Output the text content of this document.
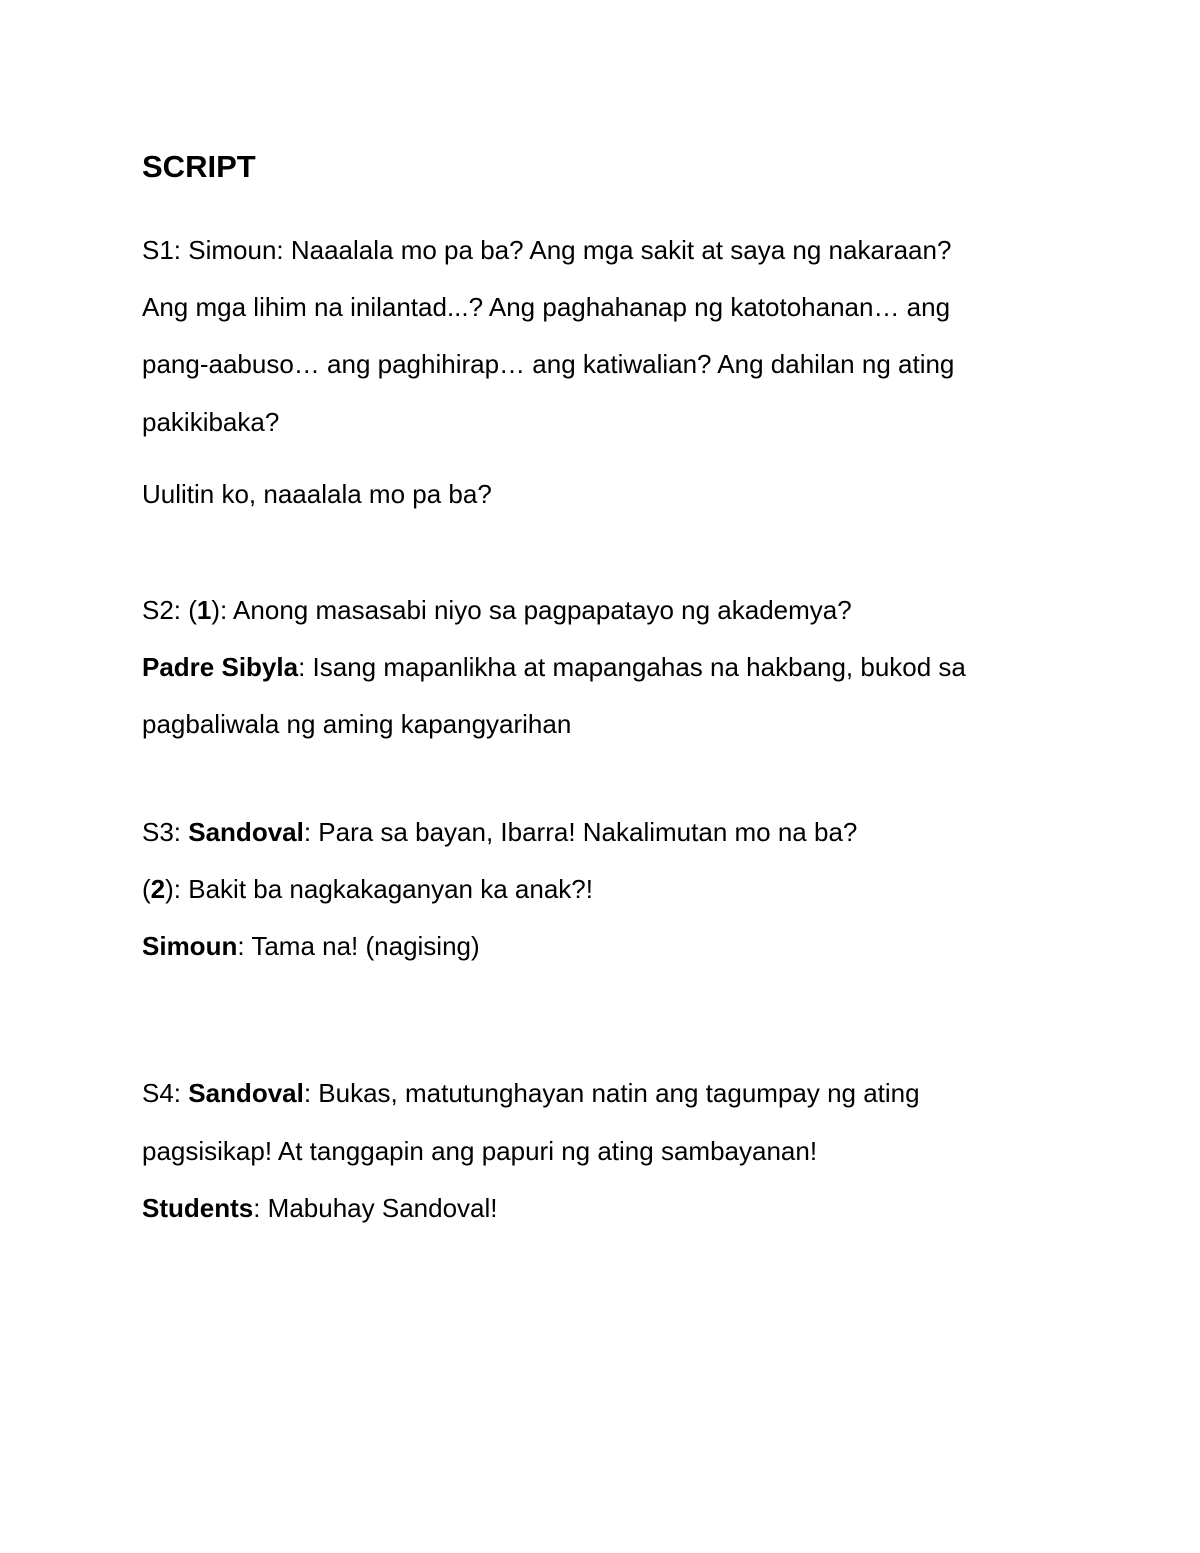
SCRIPT

S1: Simoun: Naaalala mo pa ba? Ang mga sakit at saya ng nakaraan?

Ang mga lihim na inilantad...? Ang paghahanap ng katotohanan… ang

pang-aabuso… ang paghihirap… ang katiwalian? Ang dahilan ng ating

pakikibaka?

Uulitin ko, naaalala mo pa ba?

S2: (1): Anong masasabi niyo sa pagpapatayo ng akademya?

Padre Sibyla: Isang mapanlikha at mapangahas na hakbang, bukod sa

pagbaliwala ng aming kapangyarihan

S3: Sandoval: Para sa bayan, Ibarra! Nakalimutan mo na ba?

(2): Bakit ba nagkakaganyan ka anak?!

Simoun: Tama na! (nagising)

S4: Sandoval: Bukas, matutunghayan natin ang tagumpay ng ating

pagsisikap! At tanggapin ang papuri ng ating sambayanan!

Students: Mabuhay Sandoval!
